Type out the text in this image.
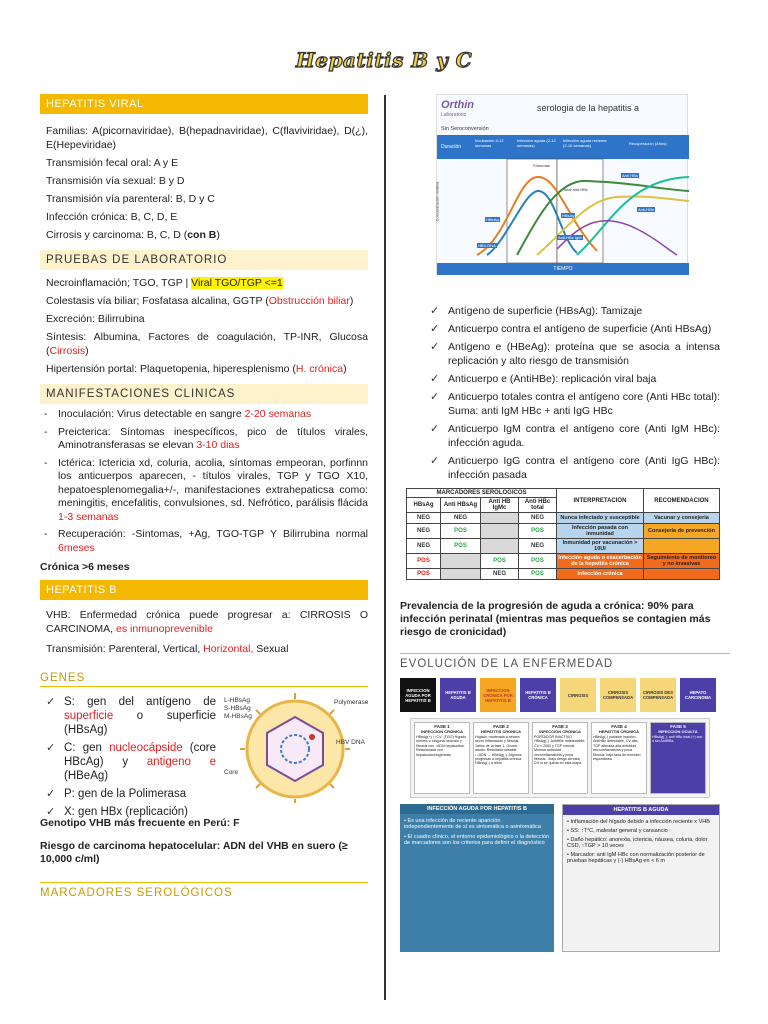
Hepatitis B y C
HEPATITIS VIRAL

Familias: A(picornaviridae), B(hepadnaviridae), C(flaviviridae), D(¿), E(Hepeviridae)

Transmisión fecal oral: A y E

Transmisión vía sexual: B y D

Transmisión vía parenteral: B, D y C

Infección crónica: B, C, D, E

Cirrosis y carcinoma: B, C, D (con B)

PRUEBAS DE LABORATORIO

Necroinflamación; TGO, TGP | Viral TGO/TGP <=1

Colestasis vía biliar; Fosfatasa alcalina, GGTP (Obstrucción biliar)

Excreción: Bilirrubina

Síntesis: Albumina, Factores de coagulación, TP-INR, Glucosa (Cirrosis)

Hipertensión portal: Plaquetopenia, hiperesplenismo (H. crónica)

MANIFESTACIONES CLINICAS
- Inoculación: Virus detectable en sangre 2-20 semanas
- Preicterica: Síntomas inespecíficos, pico de títulos virales, Aminotransferasas se elevan 3-10 dias
- Ictérica: Ictericia xd, coluria, acolia, síntomas empeoran, porfinnn los anticuerpos aparecen, - títulos virales, TGP y TGO X10, hepatoesplenomegalia+/-, manifestaciones extrahepaticsa como: meningitis, encefalitis, convulsiones, sd. Nefrótico, parálisis flácida 1-3 semanas
- Recuperación: -Sintomas, +Ag, TGO-TGP Y Bilirrubina normal 6meses

Crónica >6 meses

HEPATITIS B

VHB: Enfermedad crónica puede progresar a: CIRROSIS O CARCINOMA, es inmunoprevenible

Transmisión: Parenteral, Vertical, Horizontal, Sexual

GENES
✓ S: gen del antígeno de superficie o superficie (HBsAg)
✓ C: gen nucleocápside (core HBcAg) y antigeno e (HBeAg)
✓ P: gen de la Polimerasa
✓ X: gen HBx (replicación)
L-HBsAg
S-HBsAg
M-HBsAg
Polymerase
HBV DNA
Core

Genotipo VHB más frecuente en Perú: F

Riesgo de carcinoma hepatocelular: ADN del VHB en suero (≥ 10,000 c/ml)

MARCADORES SEROLÓGICOS
Orthin
Laboratorio
serologia de la hepatitis a
Sin Seroconversión
Duración
Incubación 4-12 semanas
Infección aguda (2-12 semanas)
Infección aguda reciente (2-16 semanas)	Recuperación (Años)
Concentración relativa
Síntomas
Antí HBs
Anti-HBe
Total anti-HBc
HBeAg
HBsAg
Anti-HBc IgM
HBV-DNA
TIEMPO
✓ Antígeno de superficie (HBsAg): Tamizaje
✓ Anticuerpo contra el antígeno de superficie (Anti HBsAg)
✓ Antígeno e (HBeAg): proteína que se asocia a intensa replicación y alto riesgo de transmisión
✓ Anticuerpo e (AntiHBe): replicación viral baja
✓ Anticuerpo totales contra el antígeno core (Anti HBc total): Suma: anti IgM HBc + anti IgG HBc
✓ Anticuerpo IgM contra el antígeno core (Anti IgM HBc): infección aguda.
✓ Anticuerpo IgG contra el antígeno core (Anti IgG HBc): infección pasada
MARCADORES SEROLOGICOS				INTERPRETACION	RECOMENDACION
HBsAg	Anti HBsAg	Anti HB IgMc	Anti HBc total		
NEG	NEG		NEG	Nunca infectado y susceptible	Vacunar y consejeria
NEG	POS		POS	Infección pasada con inmunidad	Consejería de prevención
NEG	POS		NEG	Inmunidad por vacunación > 10UI	
POS		POS	POS	Infección aguda o exacerbación de la hepatitis crónica	Seguimiento de monitoreo y no invasivas
POS		NEG	POS	Infección crónica	

Prevalencia de la progresión de aguda a crónica: 90% para infección perinatal (mientras mas pequeños se contagien más riesgo de cronicidad)

EVOLUCIÓN DE LA ENFERMEDAD
INFECCION AGUDA POR HEPATITIS B
HEPATITIS B AGUDA
INFECCION CRONICA POR HEPATITIS B
HEPATITIS B CRÓNICA	CIRROSIS	CIRROSIS COMPENSADA
CIRROSIS DES COMPENSADA
HEPATO CARCINOMA
FASE 1
INFECCION CRONICA
HBeAg(+) ↑↑CV- (TGO) Hígado mínimo o ninguna necrosis y fibrosis con ↑ADN hepatocitos. Relacionada con hepatocarcinogenesis
FASE 2
HEPATITIS CRONICA
Hígado: moderada a severa necro inflamación y fibrosis. 1años de la fase 1. Ocurre adulto. Resultado variable ↓↓ADN → HBeAg(-). Algunos progresan a hepatitis crónica HBeAg(-) a años
FASE 3
INFECCION CRONICA
PORTADOR INACTIVO HBsAg(-), AntiHBe Indetectable, CV < 2000 y TGP normal. Mínima actividad necroinflamatoria y poca fibrosis. ↓bajo riesgo cirrosis/ CH si se queda en esta etapa
FASE 4
HEPATITIS CRONICA
HBeAg(-) portador inactivo. AntiHBe detectable, CV alta. TGP alterada alta actividad necroinflamatoria y poca fibrosis. bajo tasa de remisión espontánea
FASE 5
INFECCION OCULTA
HBsAg(-), anti HBc total (+) con o sin AntiHBs
INFECCIÓN AGUDA POR HEPATITIS B
• Es una infección de reciente aparición independientemente de sí es sintomática o asintomática
• El cuadro clínico, el entorno epidemiológico o la detección de marcadores son los criterios para definir el diagnóstico
HEPATITIS B AGUDA
• Inflamación del hígado debido a infección reciente x VHB
• SS: ↑T°C, malestar general y cansancio
• Daño hepático: anorexia, ictericia, náusea, coluria, dolor CSD, ↑TGP > 10 veces
• Marcador: anti IgM HBc con normalización posterior de pruebas hepáticas y (-) HBsAg en < 6 m
